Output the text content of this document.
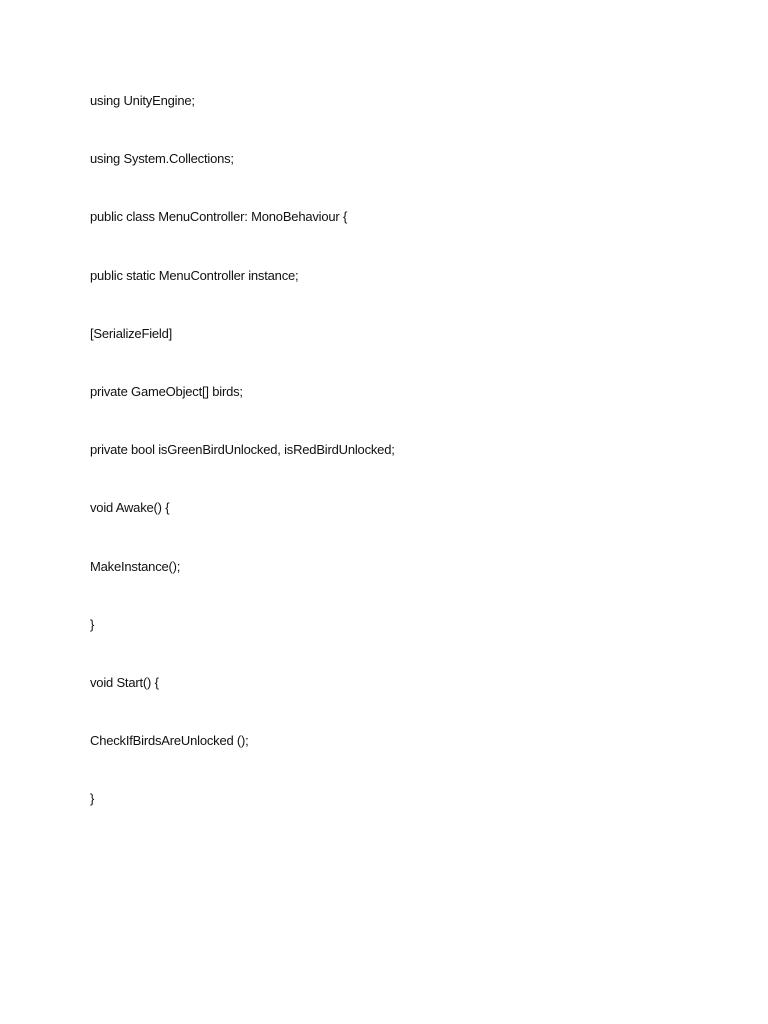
using UnityEngine;
using System.Collections;
public class MenuController: MonoBehaviour {
public static MenuController instance;
[SerializeField]
private GameObject[] birds;
private bool isGreenBirdUnlocked, isRedBirdUnlocked;
void Awake() {
MakeInstance();
}
void Start() {
CheckIfBirdsAreUnlocked ();
}
